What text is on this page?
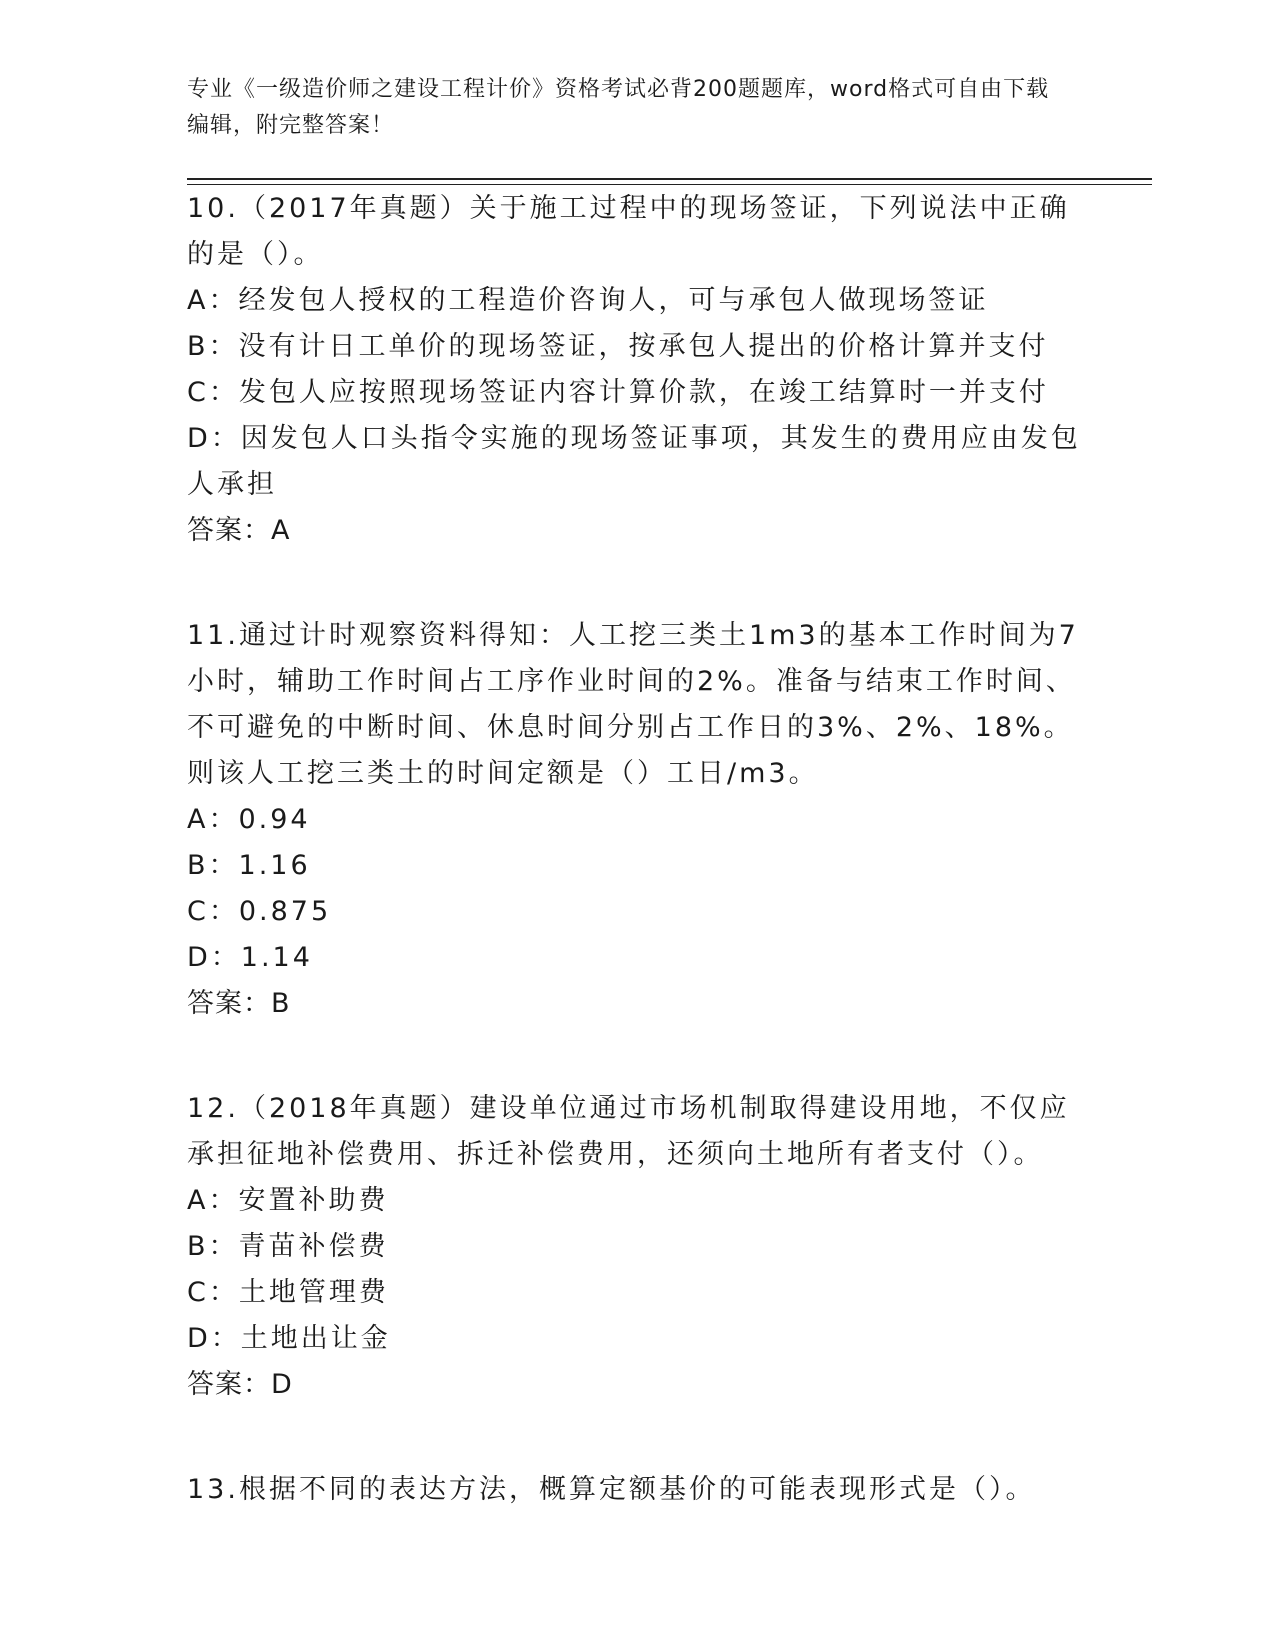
专业《一级造价师之建设工程计价》资格考试必背200题题库，word格式可自由下载编辑，附完整答案！

10.（2017年真题）关于施工过程中的现场签证，下列说法中正确的是（）。

A：经发包人授权的工程造价咨询人，可与承包人做现场签证

B：没有计日工单价的现场签证，按承包人提出的价格计算并支付

C：发包人应按照现场签证内容计算价款，在竣工结算时一并支付

D：因发包人口头指令实施的现场签证事项，其发生的费用应由发包人承担

答案：A

11.通过计时观察资料得知：人工挖三类土1m3的基本工作时间为7小时，辅助工作时间占工序作业时间的2%。准备与结束工作时间、不可避免的中断时间、休息时间分别占工作日的3%、2%、18%。则该人工挖三类土的时间定额是（）工日/m3。

A：0.94

B：1.16

C：0.875

D：1.14

答案：B

12.（2018年真题）建设单位通过市场机制取得建设用地，不仅应承担征地补偿费用、拆迁补偿费用，还须向土地所有者支付（）。

A：安置补助费

B：青苗补偿费

C：土地管理费

D：土地出让金

答案：D

13.根据不同的表达方法，概算定额基价的可能表现形式是（）。
